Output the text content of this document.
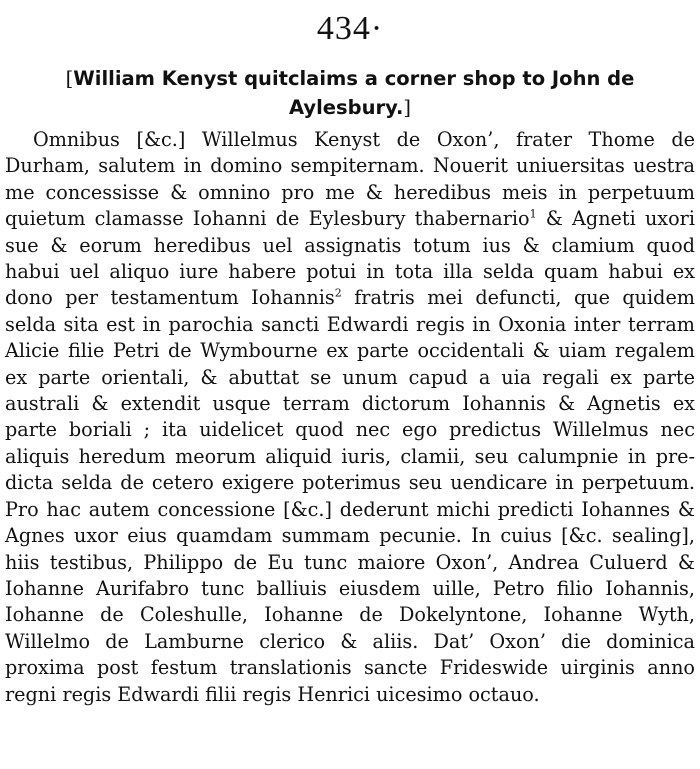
434·
[William Kenyst quitclaims a corner shop to John de Aylesbury.]

Omnibus [&c.] Willelmus Kenyst de Oxon’, frater Thome de Durham, salutem in domino sempiternam. Nouerit uniuersitas uestra me concessisse & omnino pro me & heredibus meis in perpetuum quietum clamasse Iohanni de Eylesbury thabernario$^1$ & Agneti uxori sue & eorum heredibus uel assignatis totum ius & clamium quod habui uel aliquo iure habere potui in tota illa selda quam habui ex dono per testamentum Iohannis$^2$ fratris mei defuncti, que quidem selda sita est in parochia sancti Edwardi regis in Oxonia inter terram Alicie filie Petri de Wymbourne ex parte occidentali & uiam regalem ex parte orientali, & abuttat se unum capud a uia regali ex parte australi & extendit usque terram dictorum Iohannis & Agnetis ex parte boriali ; ita uidelicet quod nec ego predictus Willelmus nec aliquis heredum meorum aliquid iuris, clamii, seu calumpnie in predicta selda de cetero exigere poterimus seu uendicare in perpetuum. Pro hac autem concessione [&c.] dederunt michi predicti Iohannes & Agnes uxor eius quamdam summam pecunie. In cuius [&c. sealing], hiis testibus, Philippo de Eu tunc maiore Oxon’, Andrea Culuerd & Iohanne Aurifabro tunc balliuis eiusdem uille, Petro filio Iohannis, Iohanne de Coleshulle, Iohanne de Dokelyntone, Iohanne Wyth, Willelmo de Lamburne clerico & aliis. Dat’ Oxon’ die dominica proxima post festum translationis sancte Frideswide uirginis anno regni regis Edwardi filii regis Henrici uicesimo octauo.
